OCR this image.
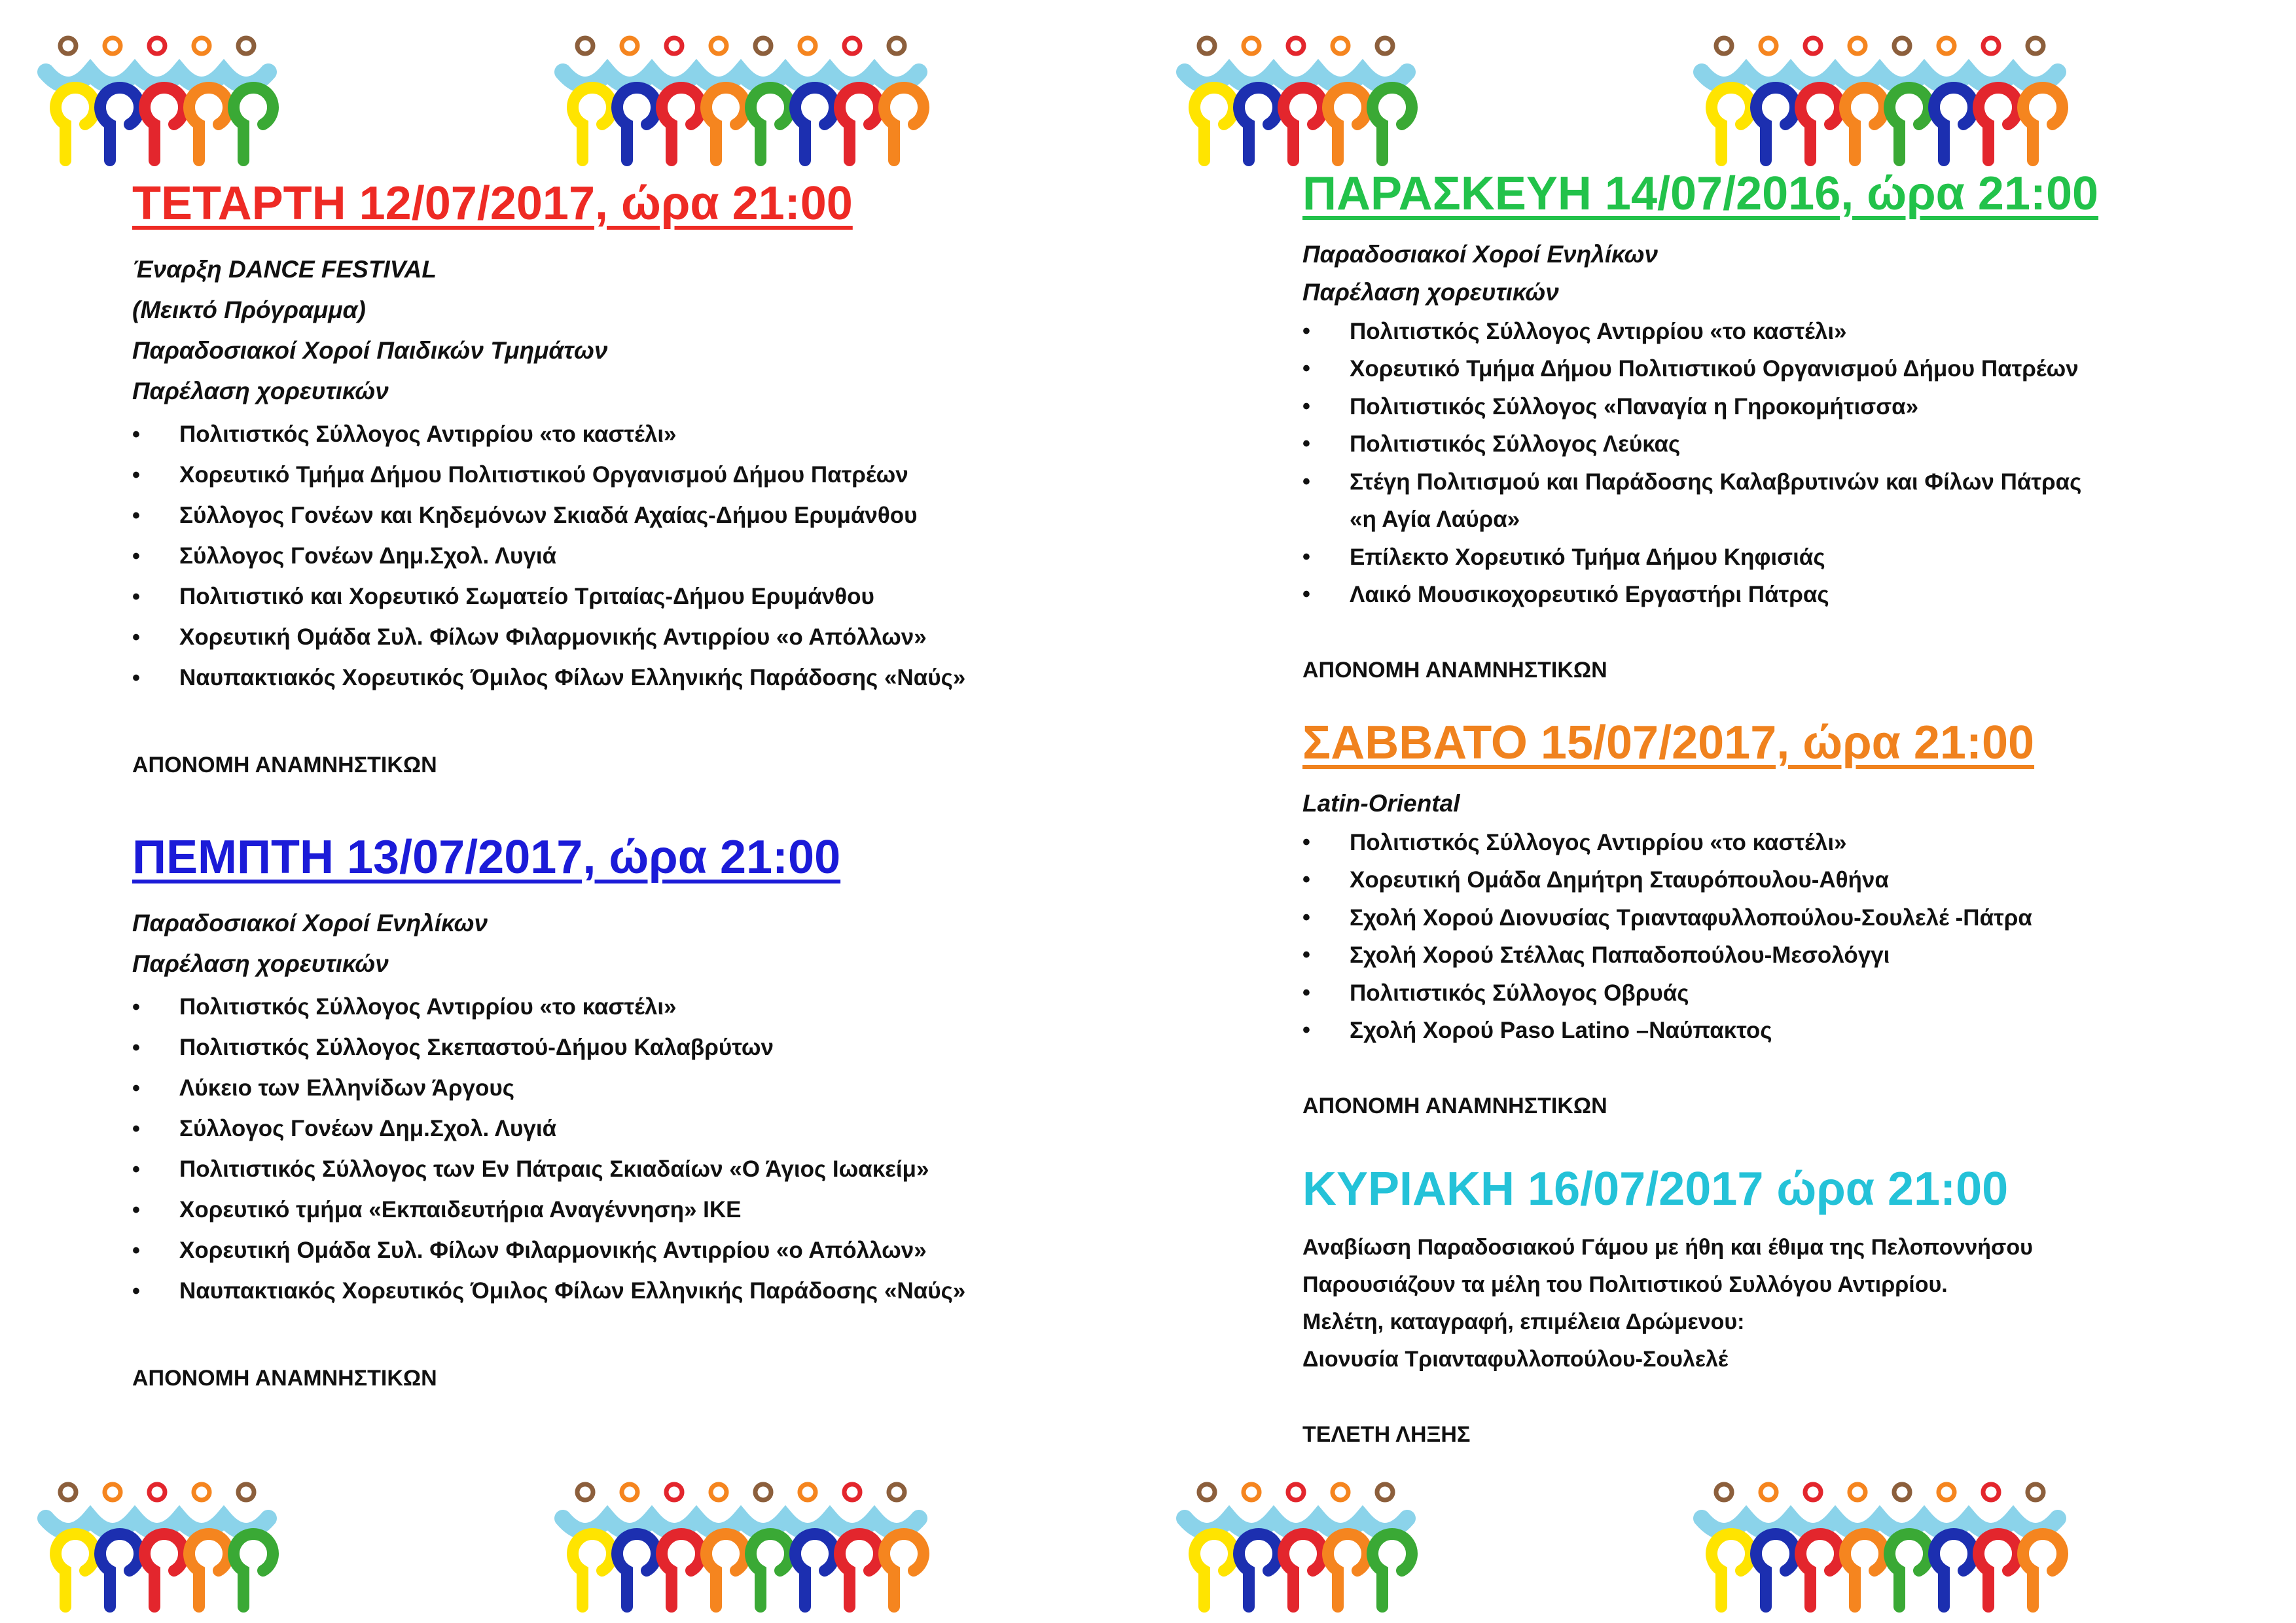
ΤΕΤΑΡΤΗ 12/07/2017, ώρα 21:00

Έναρξη DANCE FESTIVAL

(Μεικτό Πρόγραμμα)

Παραδοσιακοί Χοροί Παιδικών Τμημάτων

Παρέλαση χορευτικών

• Πολιτιστκός Σύλλογος Αντιρρίου «το καστέλι»
• Χορευτικό Τμήμα Δήμου Πολιτιστικού Οργανισμού Δήμου Πατρέων
• Σύλλογος Γονέων και Κηδεμόνων Σκιαδά Αχαίας-Δήμου Ερυμάνθου
• Σύλλογος Γονέων Δημ.Σχολ. Λυγιά
• Πολιτιστικό και Χορευτικό Σωματείο Τριταίας-Δήμου Ερυμάνθου
• Χορευτική Ομάδα Συλ. Φίλων Φιλαρμονικής Αντιρρίου «ο Απόλλων»
• Ναυπακτιακός Χορευτικός Όμιλος Φίλων Ελληνικής Παράδοσης «Ναύς»

ΑΠΟΝΟΜΗ ΑΝΑΜΝΗΣΤΙΚΩΝ

ΠΕΜΠΤΗ 13/07/2017, ώρα 21:00

Παραδοσιακοί Χοροί Ενηλίκων

Παρέλαση χορευτικών

• Πολιτιστκός Σύλλογος Αντιρρίου «το καστέλι»
• Πολιτιστκός Σύλλογος Σκεπαστού-Δήμου Καλαβρύτων
• Λύκειο των Ελληνίδων Άργους
• Σύλλογος Γονέων Δημ.Σχολ. Λυγιά
• Πολιτιστικός Σύλλογος των Εν Πάτραις Σκιαδαίων «Ο Άγιος Ιωακείμ»
• Χορευτικό τμήμα «Εκπαιδευτήρια Αναγέννηση» ΙΚΕ
• Χορευτική Ομάδα Συλ. Φίλων Φιλαρμονικής Αντιρρίου «ο Απόλλων»
• Ναυπακτιακός Χορευτικός Όμιλος Φίλων Ελληνικής Παράδοσης «Ναύς»

ΑΠΟΝΟΜΗ ΑΝΑΜΝΗΣΤΙΚΩΝ

ΠΑΡΑΣΚΕΥΗ 14/07/2016, ώρα 21:00

Παραδοσιακοί Χοροί Ενηλίκων

Παρέλαση χορευτικών

• Πολιτιστκός Σύλλογος Αντιρρίου «το καστέλι»
• Χορευτικό Τμήμα Δήμου Πολιτιστικού Οργανισμού Δήμου Πατρέων
• Πολιτιστικός Σύλλογος «Παναγία η Γηροκομήτισσα»
• Πολιτιστικός Σύλλογος Λεύκας
• Στέγη Πολιτισμού και Παράδοσης Καλαβρυτινών και Φίλων Πάτρας
«η Αγία Λαύρα»
• Επίλεκτο Χορευτικό Τμήμα Δήμου Κηφισιάς
• Λαικό Μουσικοχορευτικό Εργαστήρι Πάτρας

ΑΠΟΝΟΜΗ ΑΝΑΜΝΗΣΤΙΚΩΝ

ΣΑΒΒΑΤΟ 15/07/2017, ώρα 21:00

Latin-Oriental

• Πολιτιστκός Σύλλογος Αντιρρίου «το καστέλι»
• Χορευτική Ομάδα Δημήτρη Σταυρόπουλου-Αθήνα
• Σχολή Χορού Διονυσίας Τριανταφυλλοπούλου-Σουλελέ -Πάτρα
• Σχολή Χορού Στέλλας Παπαδοπούλου-Μεσολόγγι
• Πολιτιστικός Σύλλογος Οβρυάς
• Σχολή Χορού Paso Latino –Ναύπακτος

ΑΠΟΝΟΜΗ ΑΝΑΜΝΗΣΤΙΚΩΝ

ΚΥΡΙΑΚΗ 16/07/2017 ώρα 21:00

Αναβίωση Παραδοσιακού Γάμου με ήθη και έθιμα της Πελοποννήσου

Παρουσιάζουν τα μέλη του Πολιτιστικού Συλλόγου Αντιρρίου.

Μελέτη, καταγραφή, επιμέλεια Δρώμενου:

Διονυσία Τριανταφυλλοπούλου-Σουλελέ

ΤΕΛΕΤΗ ΛΗΞΗΣ
